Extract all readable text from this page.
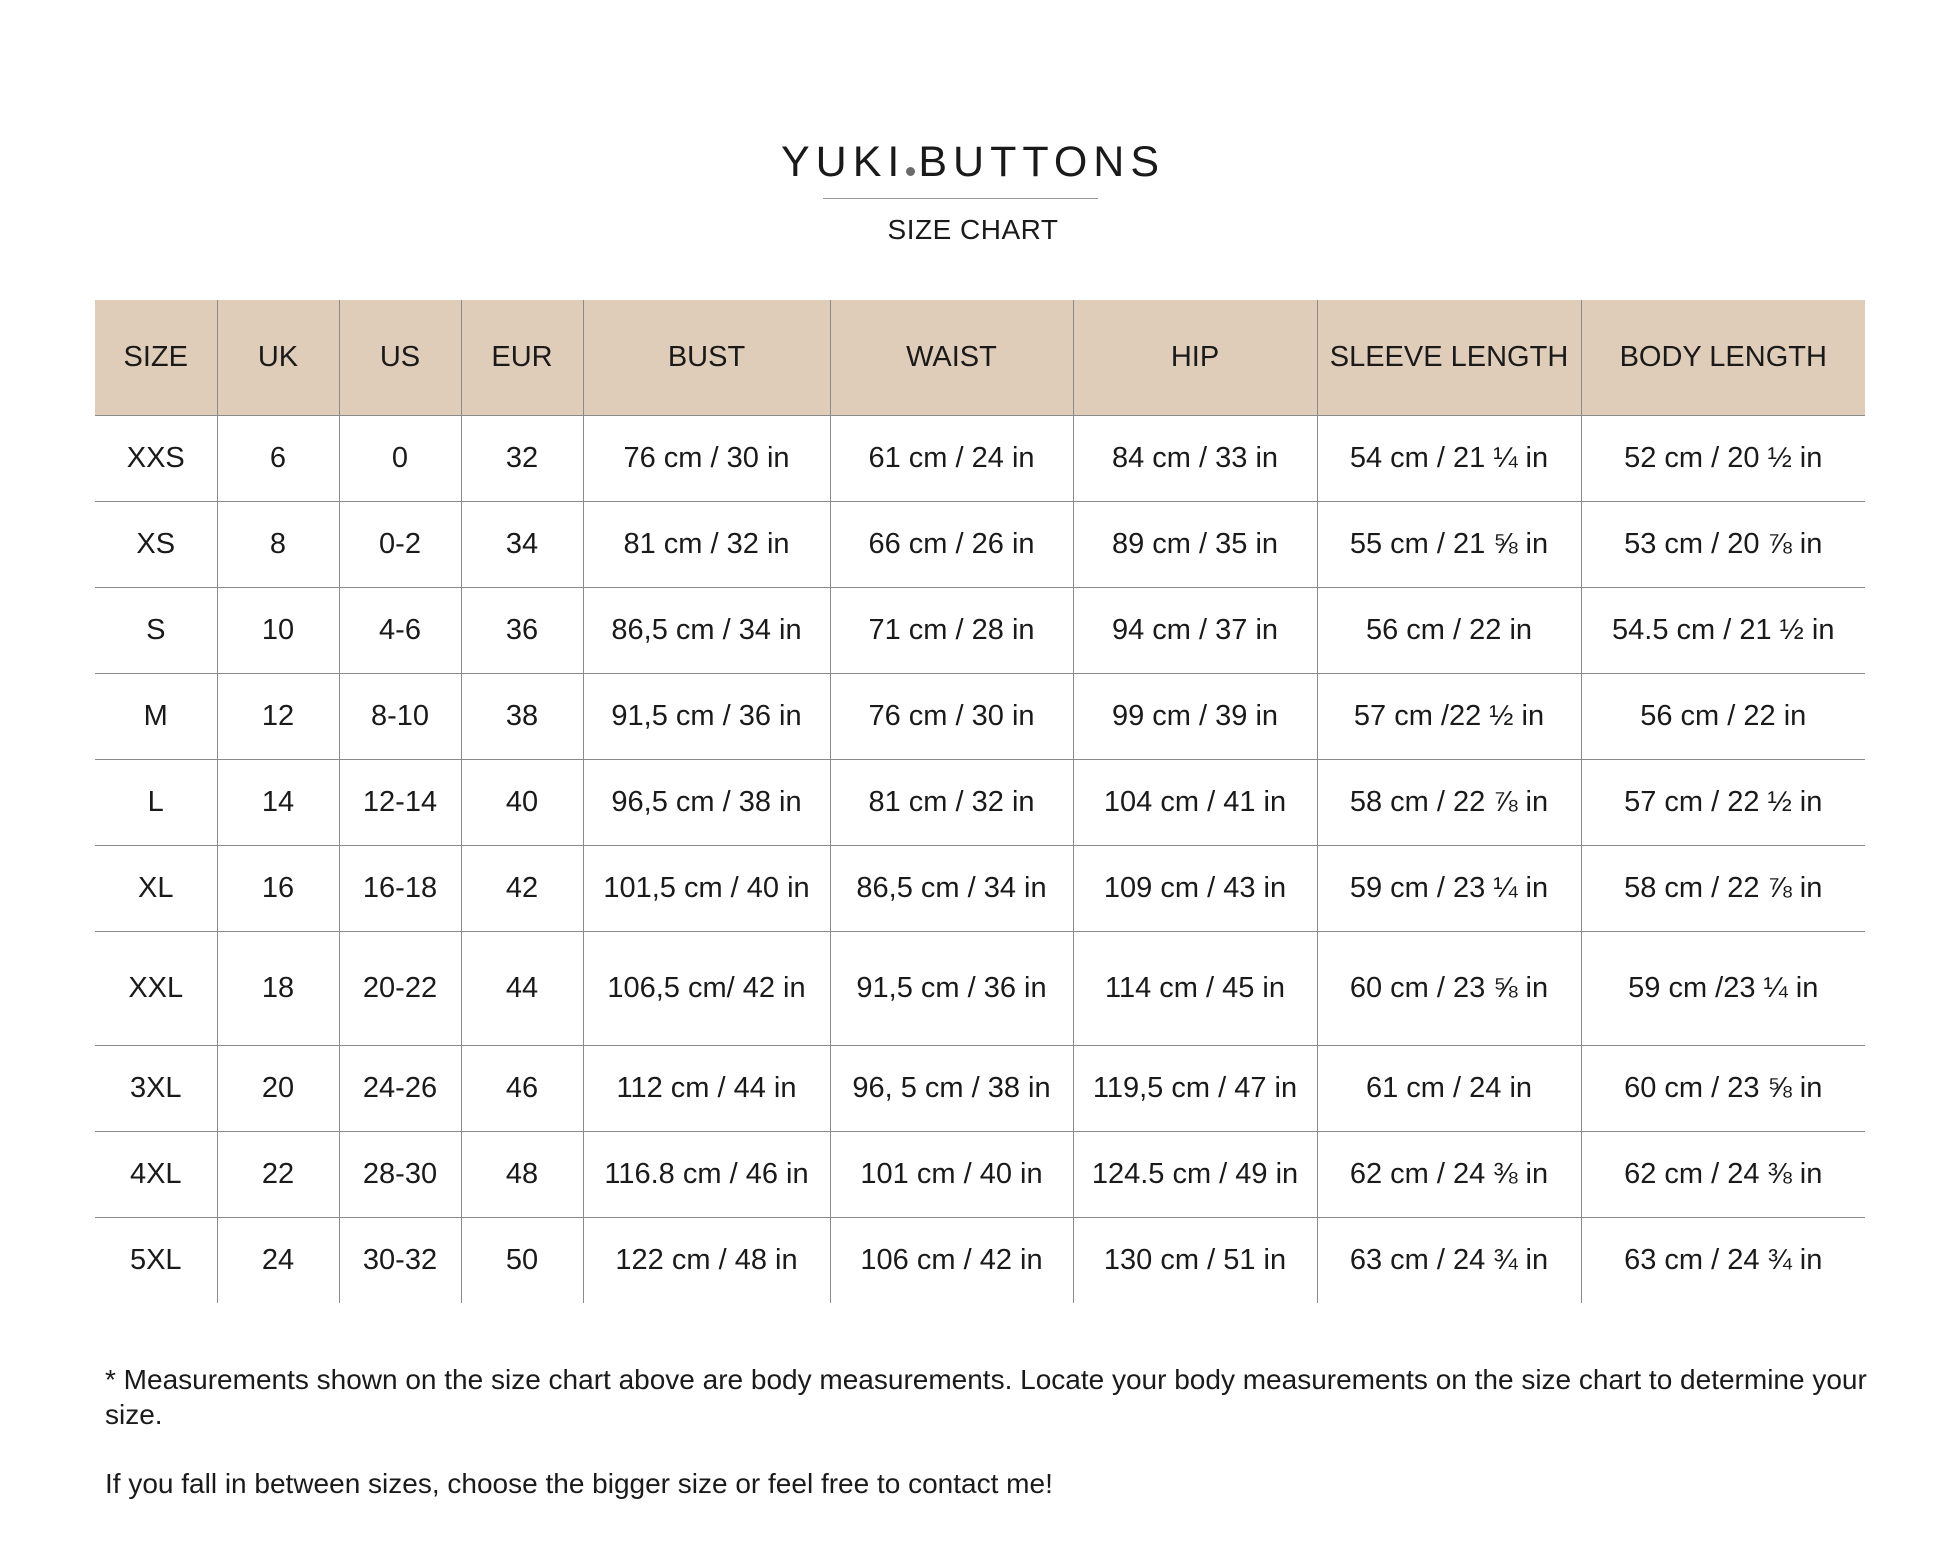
YUKI BUTTONS
SIZE CHART
SIZE	UK	US	EUR	BUST	WAIST	HIP	SLEEVE LENGTH	BODY LENGTH
XXS	6	0	32	76 cm / 30 in	61 cm / 24 in	84 cm / 33 in	54 cm / 21 ¼ in	52 cm / 20 ½ in
XS	8	0-2	34	81 cm / 32 in	66 cm / 26 in	89 cm / 35 in	55 cm / 21 ⅝ in	53 cm / 20 ⅞ in
S	10	4-6	36	86,5 cm / 34 in	71 cm / 28 in	94 cm / 37 in	56 cm / 22 in	54.5 cm / 21 ½ in
M	12	8-10	38	91,5 cm / 36 in	76 cm / 30 in	99 cm / 39 in	57 cm /22 ½ in	56 cm / 22 in
L	14	12-14	40	96,5 cm / 38 in	81 cm / 32 in	104 cm / 41 in	58 cm / 22 ⅞ in	57 cm / 22 ½ in
XL	16	16-18	42	101,5 cm / 40 in	86,5 cm / 34 in	109 cm / 43 in	59 cm / 23 ¼ in	58 cm / 22 ⅞ in
XXL	18	20-22	44	106,5 cm/ 42 in	91,5 cm / 36 in	114 cm / 45 in	60 cm / 23 ⅝ in	59 cm /23 ¼ in
3XL	20	24-26	46	112 cm / 44 in	96, 5 cm / 38 in	119,5 cm / 47 in	61 cm / 24 in	60 cm / 23 ⅝ in
4XL	22	28-30	48	116.8 cm / 46 in	101 cm / 40 in	124.5 cm / 49 in	62 cm / 24 ⅜ in	62 cm / 24 ⅜ in
5XL	24	30-32	50	122 cm / 48 in	106 cm / 42 in	130 cm / 51 in	63 cm / 24 ¾ in	63 cm / 24 ¾ in

* Measurements shown on the size chart above are body measurements. Locate your body measurements on the size chart to determine your size.

If you fall in between sizes, choose the bigger size or feel free to contact me!
